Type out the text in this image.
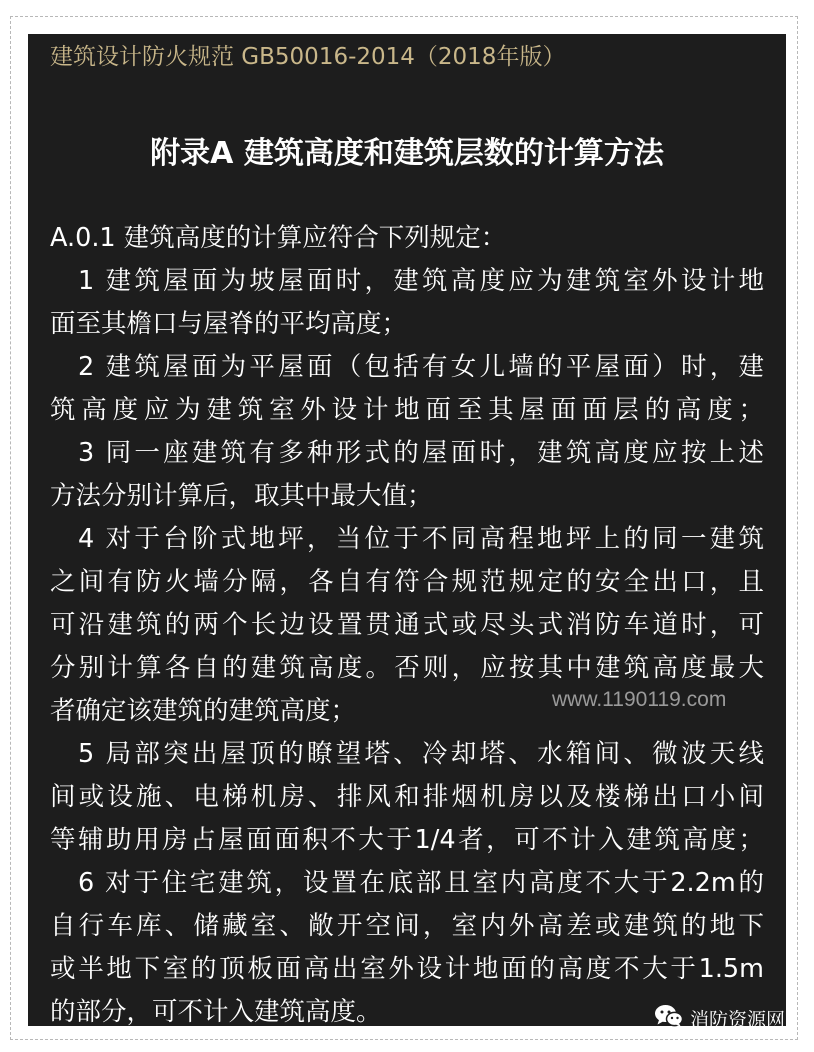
建筑设计防火规范 GB50016-2014（2018年版）
附录A 建筑高度和建筑层数的计算方法
A.0.1 建筑高度的计算应符合下列规定：
1 建筑屋面为坡屋面时，建筑高度应为建筑室外设计地
面至其檐口与屋脊的平均高度；
2 建筑屋面为平屋面（包括有女儿墙的平屋面）时，建
筑高度应为建筑室外设计地面至其屋面面层的高度；
3 同一座建筑有多种形式的屋面时，建筑高度应按上述
方法分别计算后，取其中最大值；
4 对于台阶式地坪，当位于不同高程地坪上的同一建筑
之间有防火墙分隔，各自有符合规范规定的安全出口，且
可沿建筑的两个长边设置贯通式或尽头式消防车道时，可
分别计算各自的建筑高度。否则，应按其中建筑高度最大
者确定该建筑的建筑高度；
5 局部突出屋顶的瞭望塔、冷却塔、水箱间、微波天线
间或设施、电梯机房、排风和排烟机房以及楼梯出口小间
等辅助用房占屋面面积不大于1/4者，可不计入建筑高度；
6 对于住宅建筑，设置在底部且室内高度不大于2.2m的
自行车库、储藏室、敞开空间，室内外高差或建筑的地下
或半地下室的顶板面高出室外设计地面的高度不大于1.5m
的部分，可不计入建筑高度。
www.1190119.com
消防资源网
